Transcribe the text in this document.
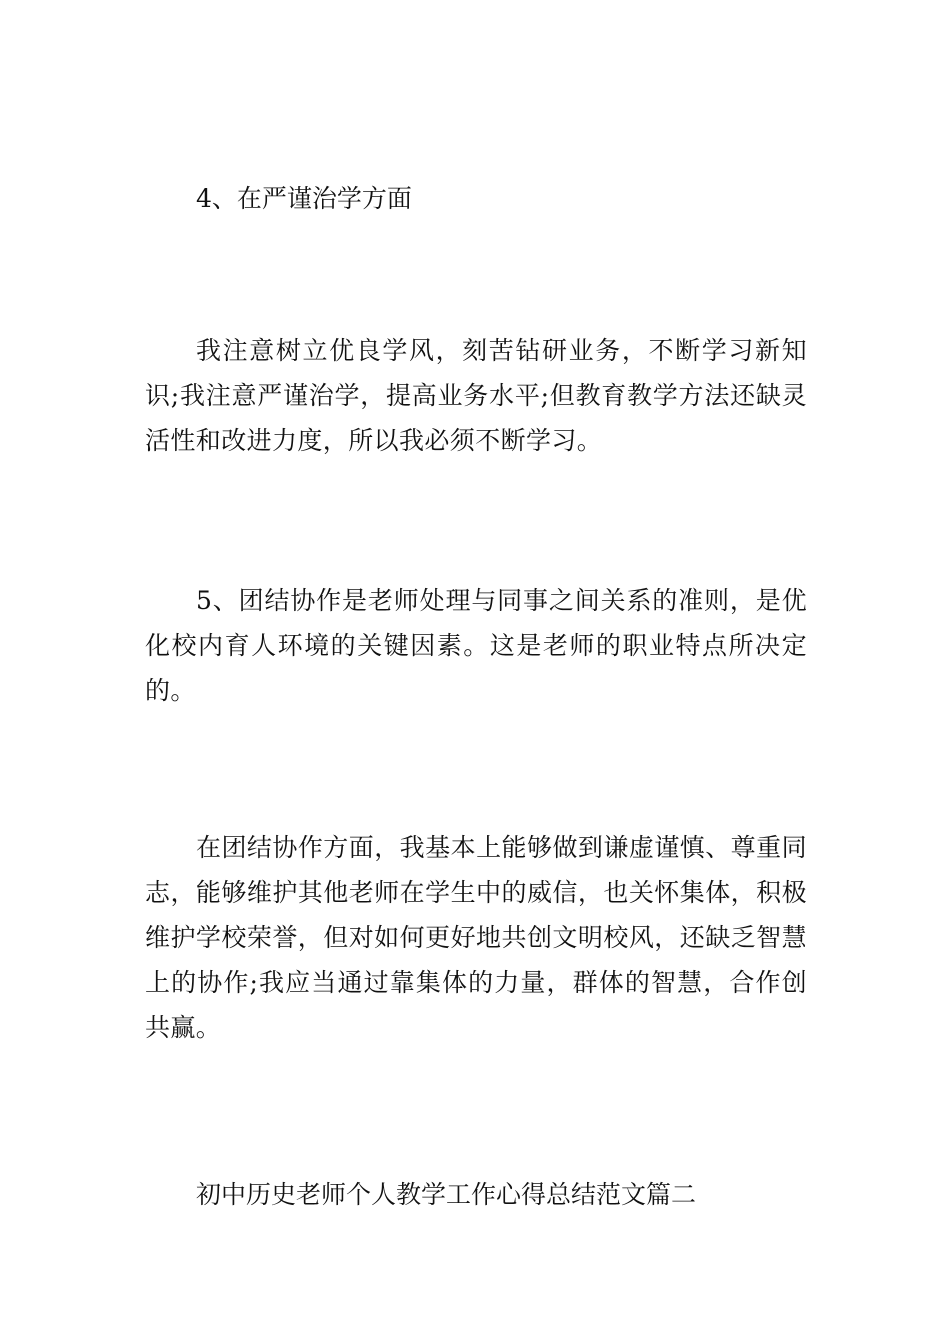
4、在严谨治学方面

我注意树立优良学风，刻苦钻研业务，不断学习新知识;我注意严谨治学，提高业务水平;但教育教学方法还缺灵活性和改进力度，所以我必须不断学习。

5、团结协作是老师处理与同事之间关系的准则，是优化校内育人环境的关键因素。这是老师的职业特点所决定的。

在团结协作方面，我基本上能够做到谦虚谨慎、尊重同志，能够维护其他老师在学生中的威信，也关怀集体，积极维护学校荣誉，但对如何更好地共创文明校风，还缺乏智慧上的协作;我应当通过靠集体的力量，群体的智慧，合作创共赢。

初中历史老师个人教学工作心得总结范文篇二
